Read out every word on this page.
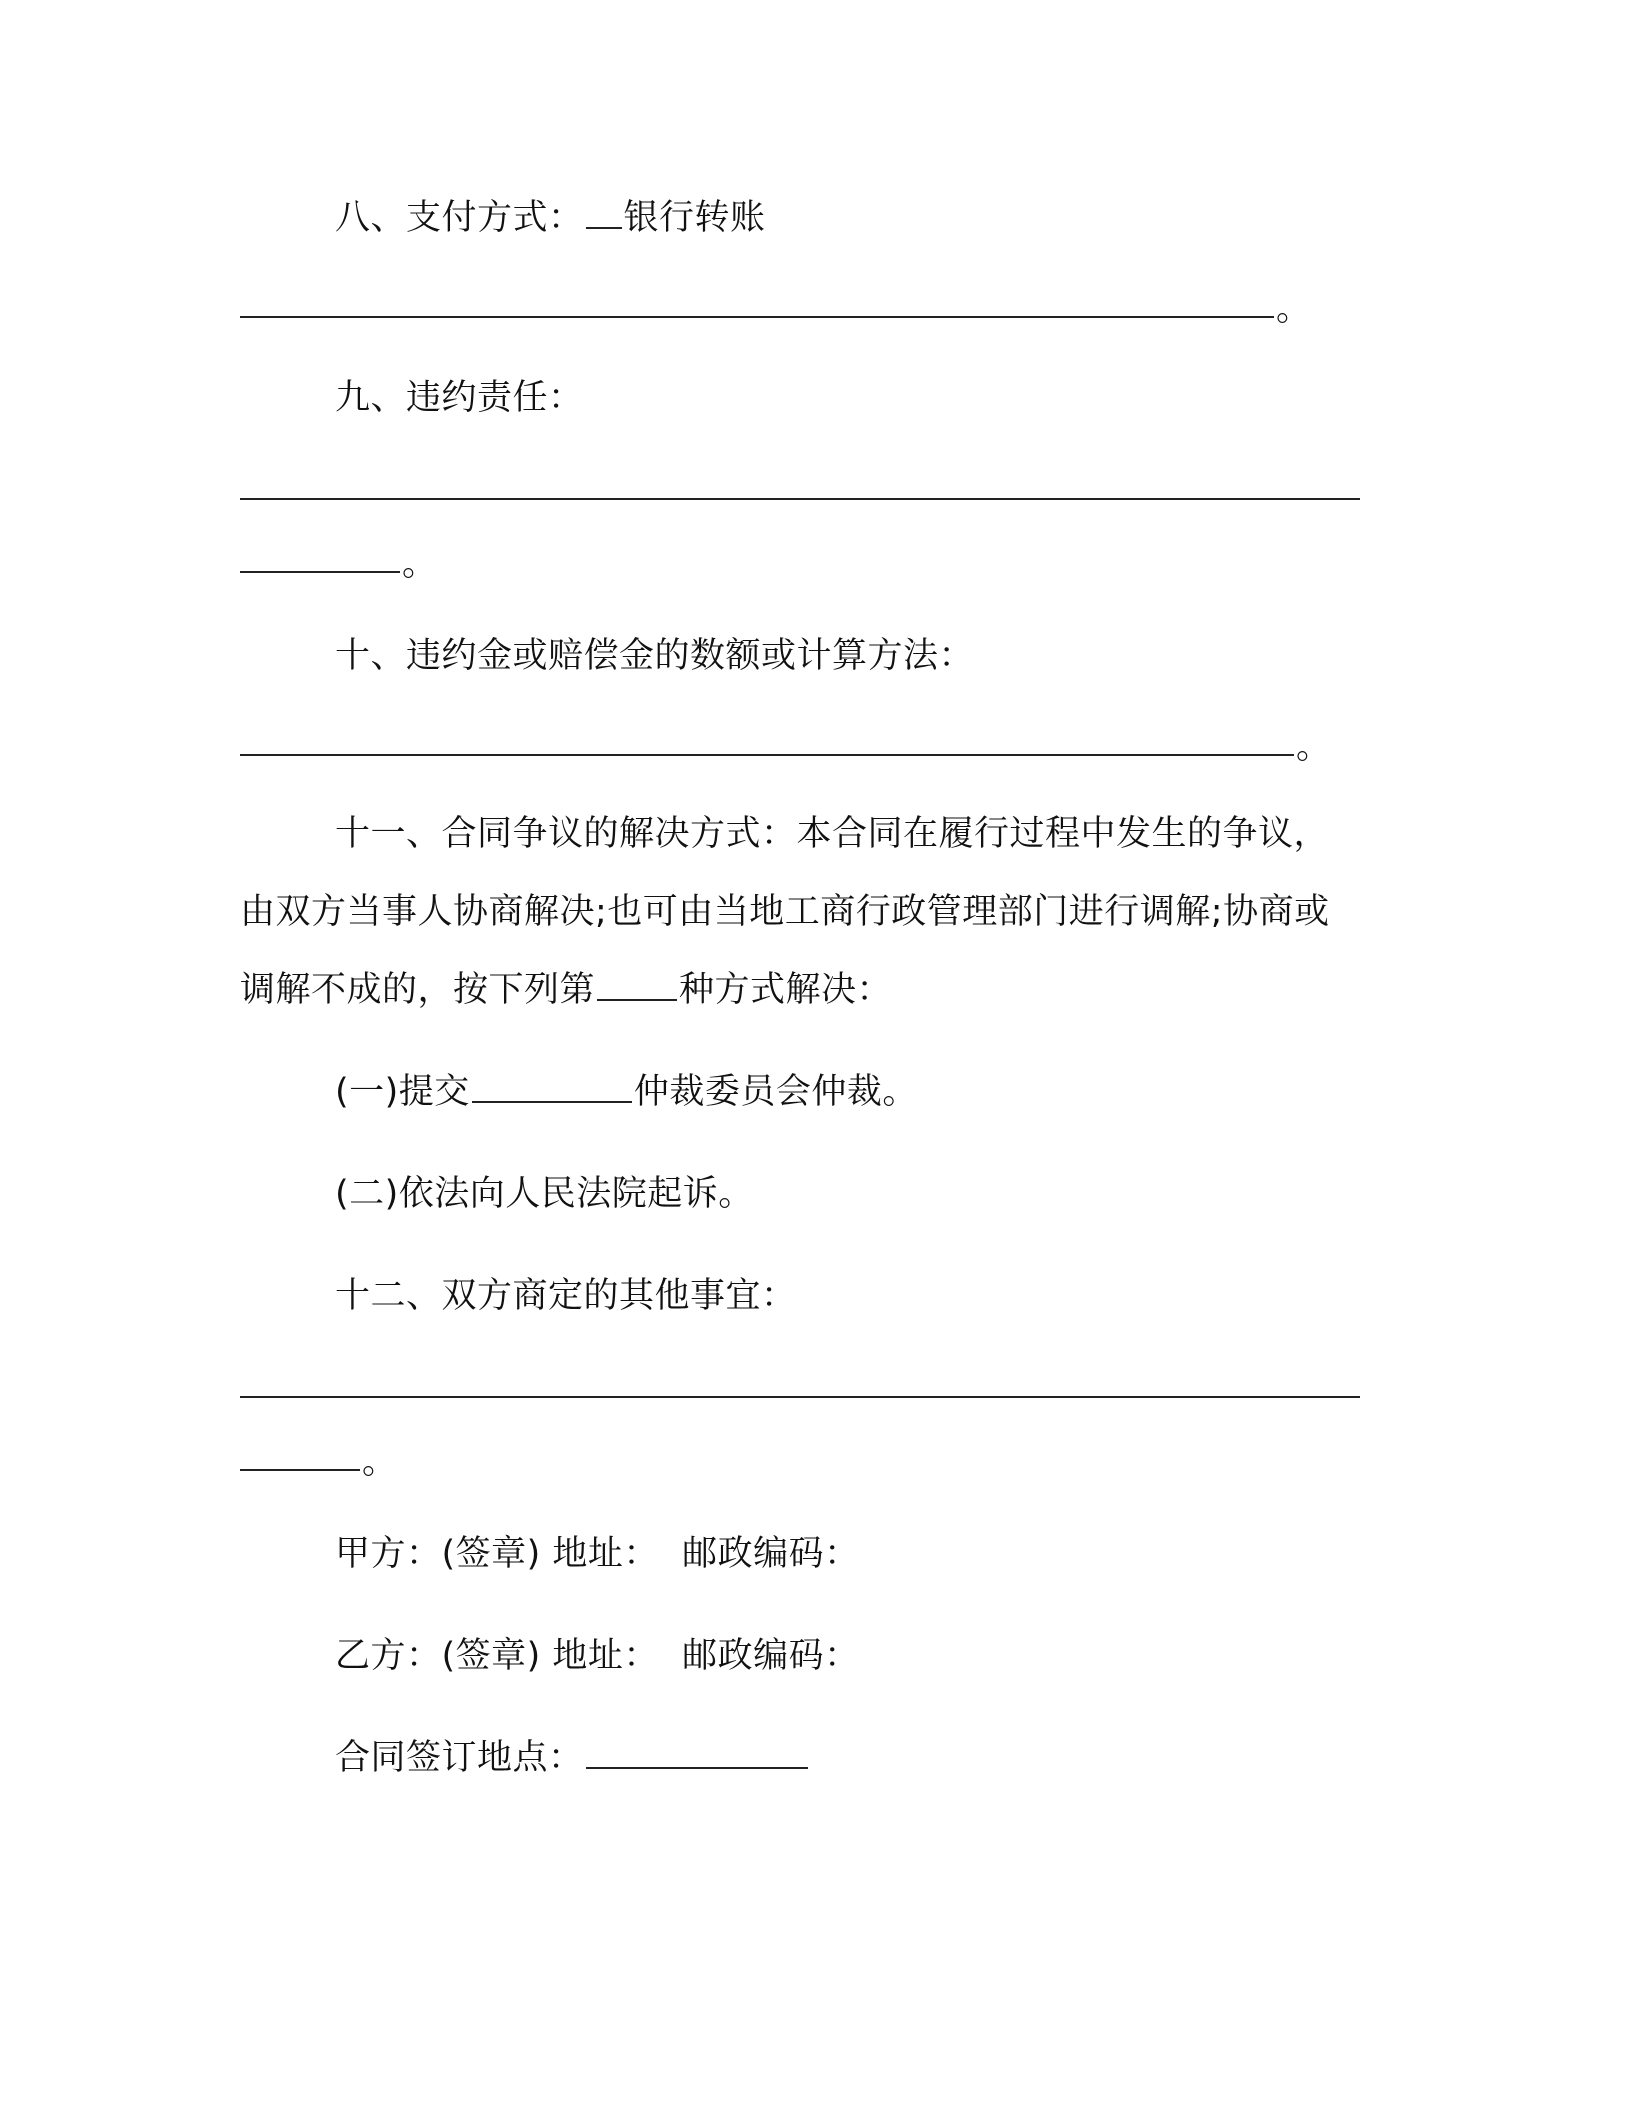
八、支付方式： 银行转账

。

九、违约责任：

。

十、违约金或赔偿金的数额或计算方法：

。

十一、合同争议的解决方式：本合同在履行过程中发生的争议，

由双方当事人协商解决;也可由当地工商行政管理部门进行调解;协商或

调解不成的，按下列第 种方式解决：

(一)提交	仲裁委员会仲裁。

(二)依法向人民法院起诉。

十二、双方商定的其他事宜：

。

甲方：(签章) 地址：  邮政编码：

乙方：(签章) 地址：  邮政编码：

合同签订地点：
